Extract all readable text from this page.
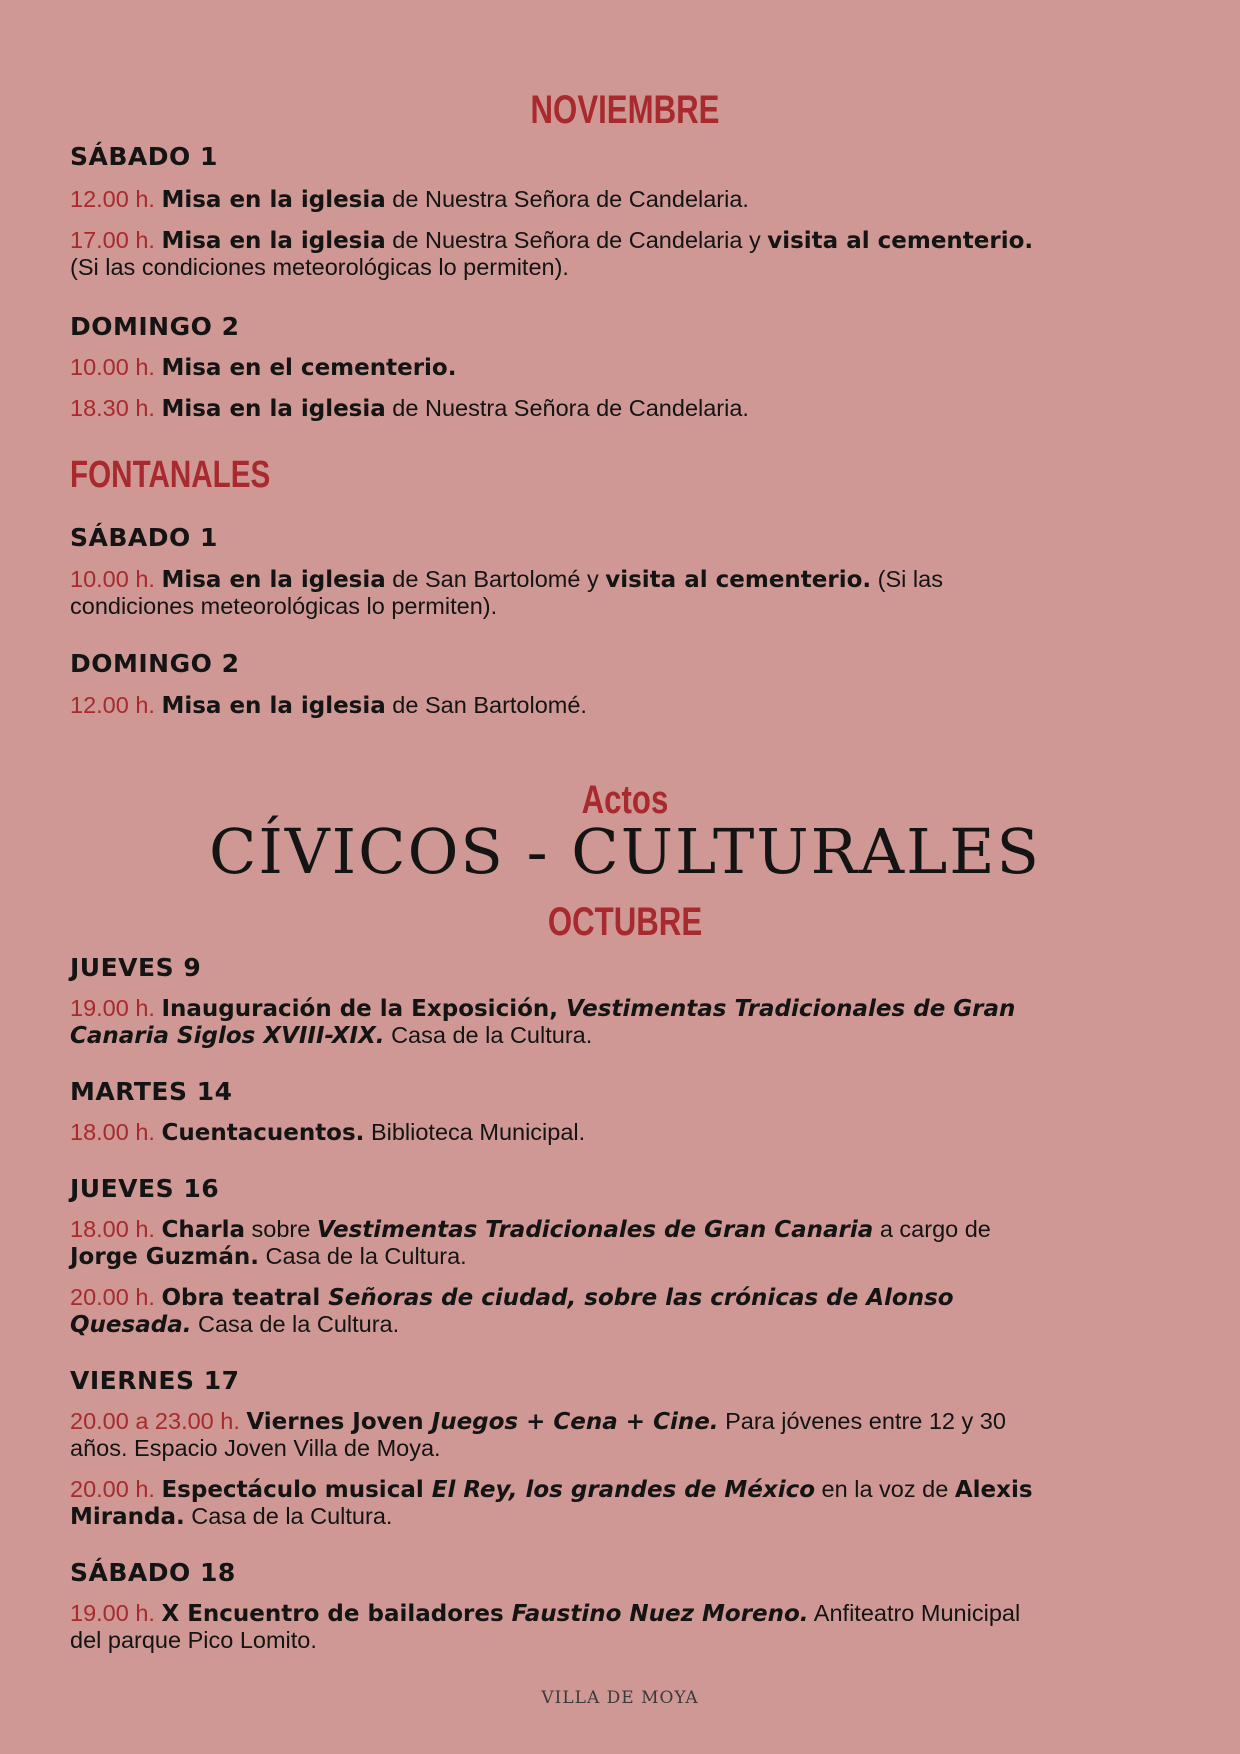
NOVIEMBRE
SÁBADO 1
12.00 h. Misa en la iglesia de Nuestra Señora de Candelaria.
17.00 h. Misa en la iglesia de Nuestra Señora de Candelaria y visita al cementerio.
(Si las condiciones meteorológicas lo permiten).
DOMINGO 2
10.00 h. Misa en el cementerio.
18.30 h. Misa en la iglesia de Nuestra Señora de Candelaria.
FONTANALES
SÁBADO 1
10.00 h. Misa en la iglesia de San Bartolomé y visita al cementerio. (Si las
condiciones meteorológicas lo permiten).
DOMINGO 2
12.00 h. Misa en la iglesia de San Bartolomé.
Actos
CÍVICOS - CULTURALES
OCTUBRE
JUEVES 9
19.00 h. Inauguración de la Exposición, Vestimentas Tradicionales de Gran
Canaria Siglos XVIII-XIX. Casa de la Cultura.
MARTES 14
18.00 h. Cuentacuentos. Biblioteca Municipal.
JUEVES 16
18.00 h. Charla sobre Vestimentas Tradicionales de Gran Canaria a cargo de
Jorge Guzmán. Casa de la Cultura.
20.00 h. Obra teatral Señoras de ciudad, sobre las crónicas de Alonso
Quesada. Casa de la Cultura.
VIERNES 17
20.00 a 23.00 h. Viernes Joven Juegos + Cena + Cine. Para jóvenes entre 12 y 30
años. Espacio Joven Villa de Moya.
20.00 h. Espectáculo musical El Rey, los grandes de México en la voz de Alexis
Miranda. Casa de la Cultura.
SÁBADO 18
19.00 h. X Encuentro de bailadores Faustino Nuez Moreno. Anfiteatro Municipal
del parque Pico Lomito.
VILLA DE MOYA
